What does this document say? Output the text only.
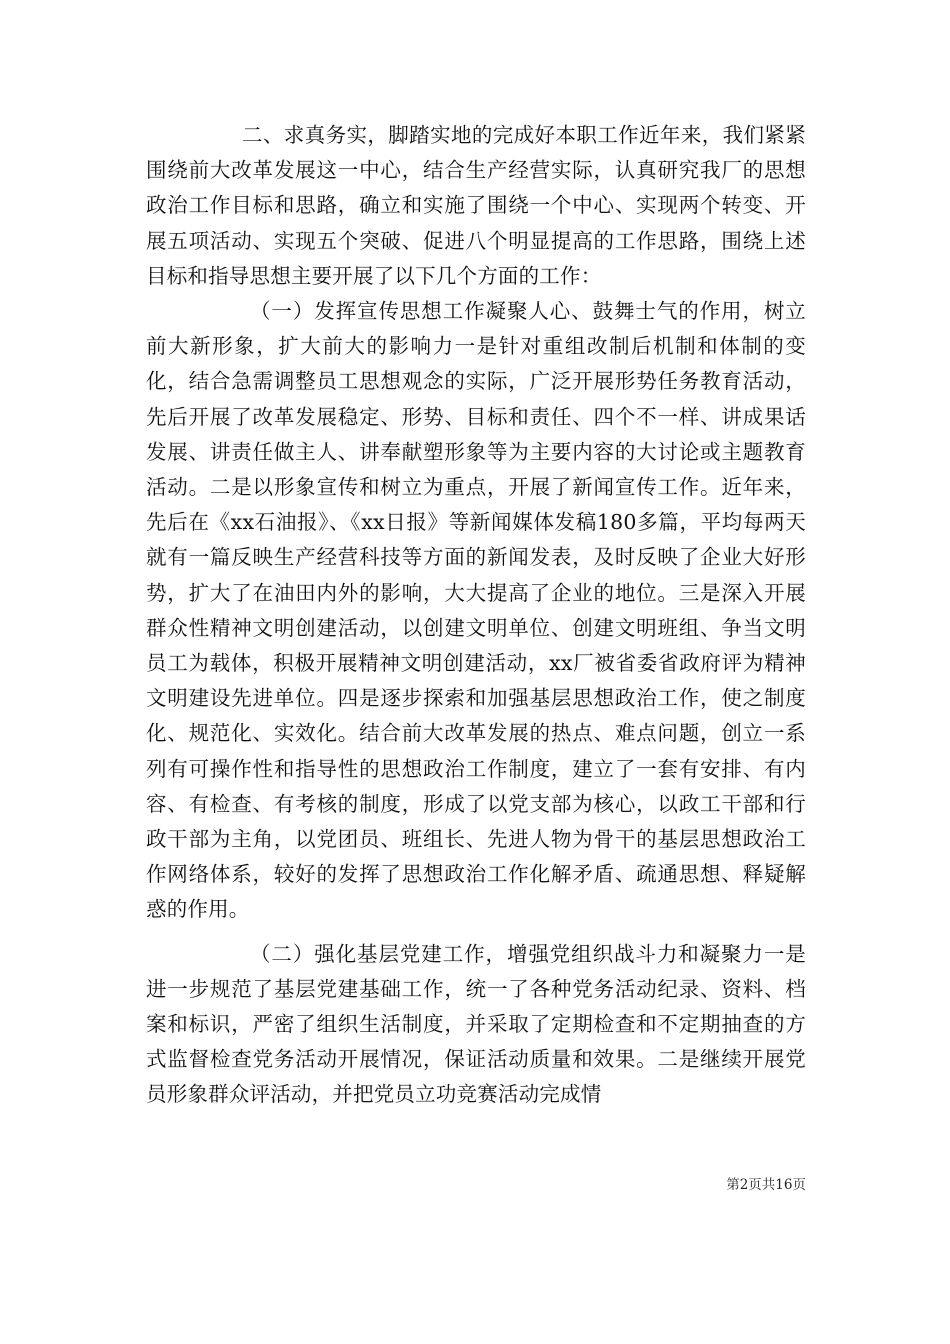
二、求真务实，脚踏实地的完成好本职工作近年来，我们紧紧围绕前大改革发展这一中心，结合生产经营实际，认真研究我厂的思想政治工作目标和思路，确立和实施了围绕一个中心、实现两个转变、开展五项活动、实现五个突破、促进八个明显提高的工作思路，围绕上述目标和指导思想主要开展了以下几个方面的工作：

（一）发挥宣传思想工作凝聚人心、鼓舞士气的作用，树立前大新形象，扩大前大的影响力一是针对重组改制后机制和体制的变化，结合急需调整员工思想观念的实际，广泛开展形势任务教育活动，先后开展了改革发展稳定、形势、目标和责任、四个不一样、讲成果话发展、讲责任做主人、讲奉献塑形象等为主要内容的大讨论或主题教育活动。二是以形象宣传和树立为重点，开展了新闻宣传工作。近年来，先后在《xx石油报》、《xx日报》等新闻媒体发稿180多篇，平均每两天就有一篇反映生产经营科技等方面的新闻发表，及时反映了企业大好形势，扩大了在油田内外的影响，大大提高了企业的地位。三是深入开展群众性精神文明创建活动，以创建文明单位、创建文明班组、争当文明员工为载体，积极开展精神文明创建活动，xx厂被省委省政府评为精神文明建设先进单位。四是逐步探索和加强基层思想政治工作，使之制度化、规范化、实效化。结合前大改革发展的热点、难点问题，创立一系列有可操作性和指导性的思想政治工作制度，建立了一套有安排、有内容、有检查、有考核的制度，形成了以党支部为核心，以政工干部和行政干部为主角，以党团员、班组长、先进人物为骨干的基层思想政治工作网络体系，较好的发挥了思想政治工作化解矛盾、疏通思想、释疑解惑的作用。

（二）强化基层党建工作，增强党组织战斗力和凝聚力一是进一步规范了基层党建基础工作，统一了各种党务活动纪录、资料、档案和标识，严密了组织生活制度，并采取了定期检查和不定期抽查的方式监督检查党务活动开展情况，保证活动质量和效果。二是继续开展党员形象群众评活动，并把党员立功竞赛活动完成情

第2页共16页
